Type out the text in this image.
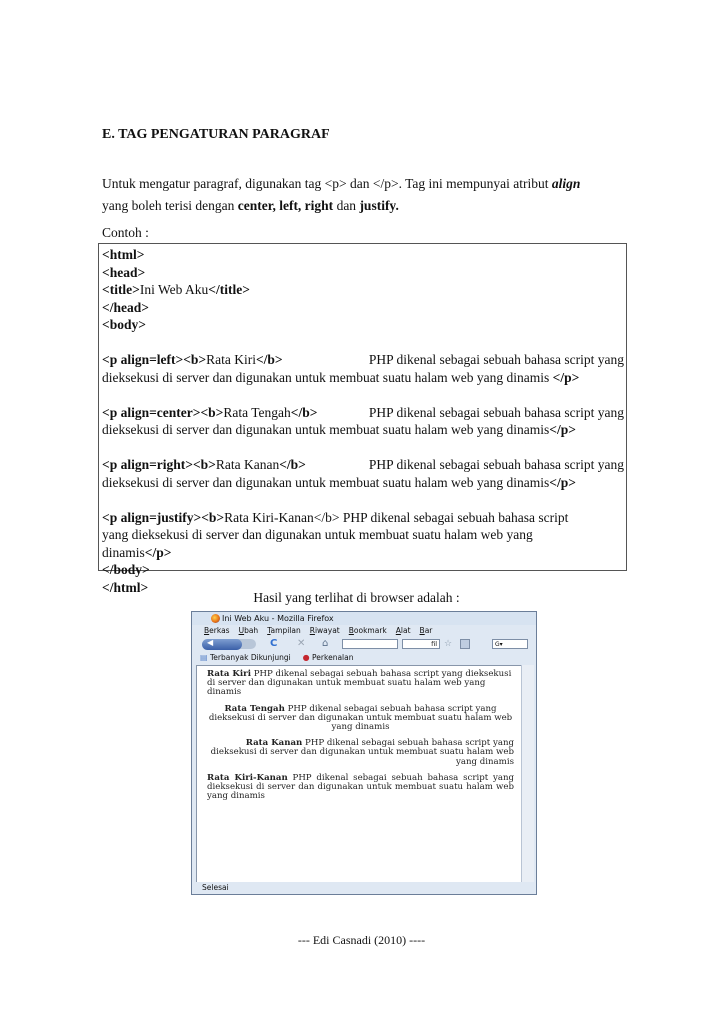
E. TAG PENGATURAN PARAGRAF
Untuk mengatur paragraf, digunakan tag <p> dan </p>. Tag ini mempunyai atribut align
yang boleh terisi dengan center, left, right dan justify.
Contoh :
<html>
<head>
<title>Ini Web Aku</title>
</head>
<body>
<p align=left><b>Rata Kiri</b>	PHP dikenal sebagai sebuah bahasa script yang
dieksekusi di server dan digunakan untuk membuat suatu halam web yang dinamis </p>
<p align=center><b>Rata Tengah</b>	PHP dikenal sebagai sebuah bahasa script yang
dieksekusi di server dan digunakan untuk membuat suatu halam web yang dinamis</p>
<p align=right><b>Rata Kanan</b>	PHP dikenal sebagai sebuah bahasa script yang
dieksekusi di server dan digunakan untuk membuat suatu halam web yang dinamis</p>
<p align=justify><b>Rata Kiri-Kanan</b> PHP dikenal sebagai sebuah bahasa script
yang dieksekusi di server dan digunakan untuk membuat suatu halam web yang
dinamis</p>
</body>
</html>
Hasil yang terlihat di browser adalah :
Ini Web Aku - Mozilla Firefox
Berkas Ubah Tampilan Riwayat Bookmark Alat Bar
◀
C	✕ ⌂	fil ☆	G▾
▤ Terbanyak Dikunjungi ● Perkenalan

Rata Kiri PHP dikenal sebagai sebuah bahasa script yang dieksekusi di server dan digunakan untuk membuat suatu halam web yang dinamis

Rata Tengah PHP dikenal sebagai sebuah bahasa script yang dieksekusi di server dan digunakan untuk membuat suatu halam web yang dinamis

Rata Kanan PHP dikenal sebagai sebuah bahasa script yang dieksekusi di server dan digunakan untuk membuat suatu halam web yang dinamis

Rata Kiri-Kanan PHP dikenal sebagai sebuah bahasa script yang dieksekusi di server dan digunakan untuk membuat suatu halam web yang dinamis

Selesai
--- Edi Casnadi (2010) ----
